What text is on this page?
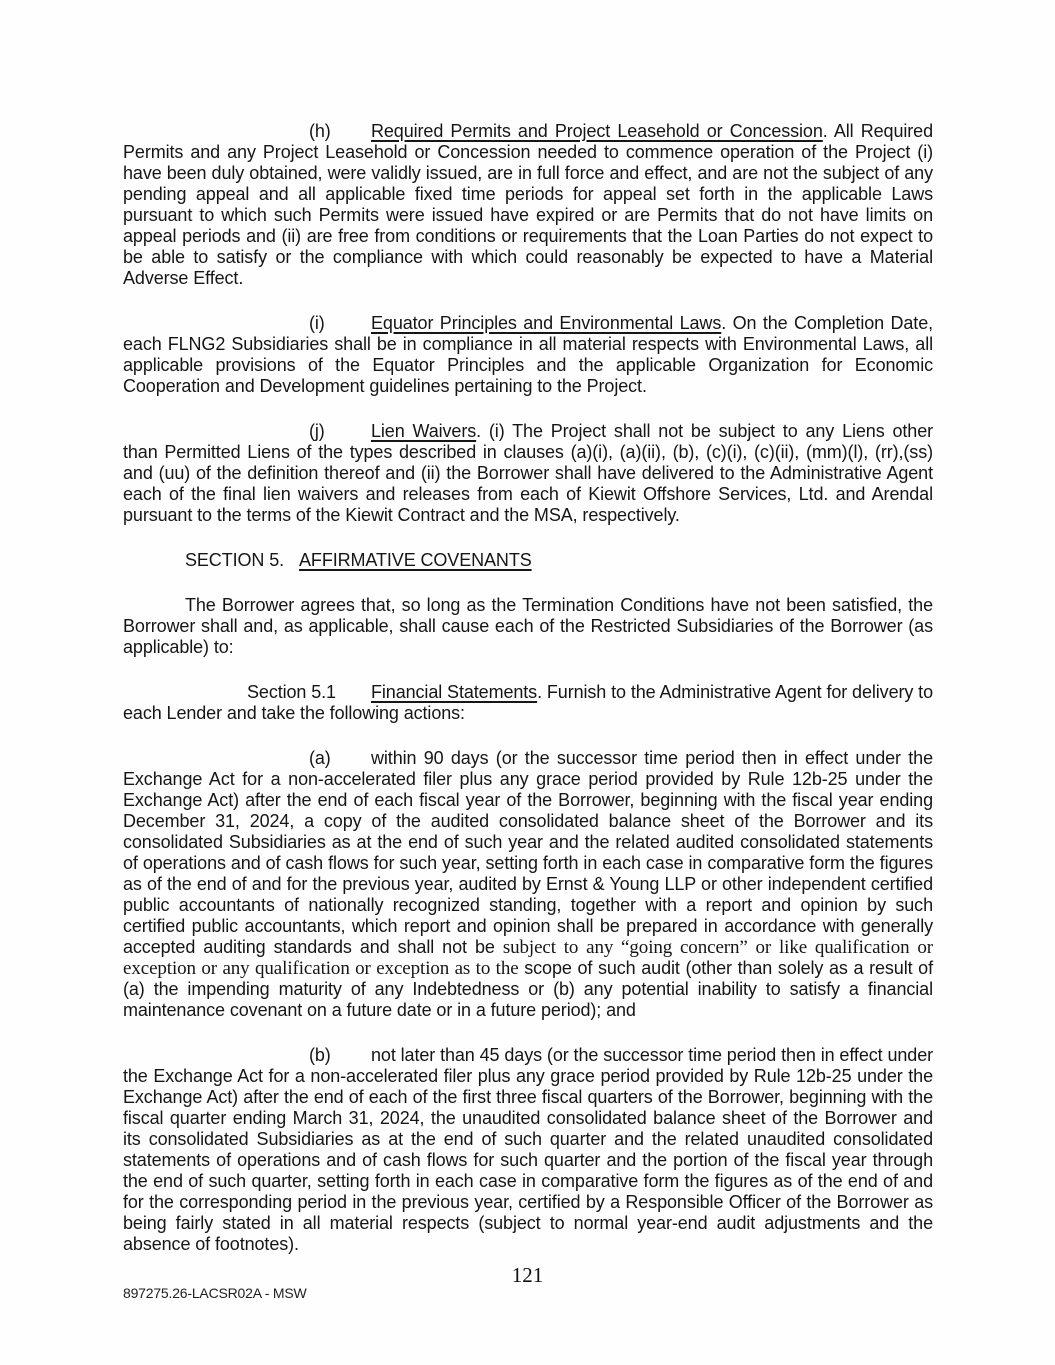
(h) Required Permits and Project Leasehold or Concession. All Required Permits and any Project Leasehold or Concession needed to commence operation of the Project (i) have been duly obtained, were validly issued, are in full force and effect, and are not the subject of any pending appeal and all applicable fixed time periods for appeal set forth in the applicable Laws pursuant to which such Permits were issued have expired or are Permits that do not have limits on appeal periods and (ii) are free from conditions or requirements that the Loan Parties do not expect to be able to satisfy or the compliance with which could reasonably be expected to have a Material Adverse Effect.

(i)	Equator Principles and Environmental Laws. On the Completion Date, each FLNG2 Subsidiaries shall be in compliance in all material respects with Environmental Laws, all applicable provisions of the Equator Principles and the applicable Organization for Economic Cooperation and Development guidelines pertaining to the Project.

(j)	Lien Waivers. (i) The Project shall not be subject to any Liens other than Permitted Liens of the types described in clauses (a)(i), (a)(ii), (b), (c)(i), (c)(ii), (mm)(l), (rr),(ss) and (uu) of the definition thereof and (ii) the Borrower shall have delivered to the Administrative Agent each of the final lien waivers and releases from each of Kiewit Offshore Services, Ltd. and Arendal pursuant to the terms of the Kiewit Contract and the MSA, respectively.

SECTION 5. AFFIRMATIVE COVENANTS

The Borrower agrees that, so long as the Termination Conditions have not been satisfied, the Borrower shall and, as applicable, shall cause each of the Restricted Subsidiaries of the Borrower (as applicable) to:

Section 5.1 Financial Statements. Furnish to the Administrative Agent for delivery to each Lender and take the following actions:

(a) within 90 days (or the successor time period then in effect under the Exchange Act for a non-accelerated filer plus any grace period provided by Rule 12b-25 under the Exchange Act) after the end of each fiscal year of the Borrower, beginning with the fiscal year ending December 31, 2024, a copy of the audited consolidated balance sheet of the Borrower and its consolidated Subsidiaries as at the end of such year and the related audited consolidated statements of operations and of cash flows for such year, setting forth in each case in comparative form the figures as of the end of and for the previous year, audited by Ernst & Young LLP or other independent certified public accountants of nationally recognized standing, together with a report and opinion by such certified public accountants, which report and opinion shall be prepared in accordance with generally accepted auditing standards and shall not be subject to any “going concern” or like qualification or exception or any qualification or exception as to the scope of such audit (other than solely as a result of (a) the impending maturity of any Indebtedness or (b) any potential inability to satisfy a financial maintenance covenant on a future date or in a future period); and

(b) not later than 45 days (or the successor time period then in effect under the Exchange Act for a non-accelerated filer plus any grace period provided by Rule 12b-25 under the Exchange Act) after the end of each of the first three fiscal quarters of the Borrower, beginning with the fiscal quarter ending March 31, 2024, the unaudited consolidated balance sheet of the Borrower and its consolidated Subsidiaries as at the end of such quarter and the related unaudited consolidated statements of operations and of cash flows for such quarter and the portion of the fiscal year through the end of such quarter, setting forth in each case in comparative form the figures as of the end of and for the corresponding period in the previous year, certified by a Responsible Officer of the Borrower as being fairly stated in all material respects (subject to normal year-end audit adjustments and the absence of footnotes).

121
897275.26-LACSR02A - MSW
